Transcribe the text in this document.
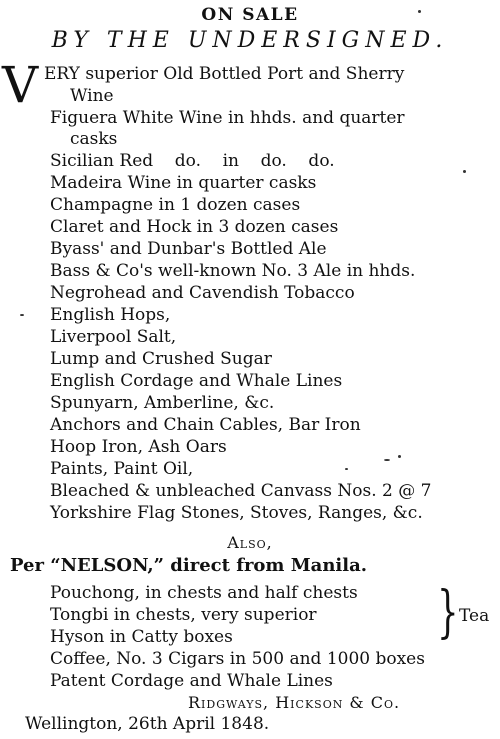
ON SALE
BY THE UNDERSIGNED.
V ERY superior Old Bottled Port and Sherry
Wine
Figuera White Wine in hhds. and quarter
casks
Sicilian Red    do.    in    do.    do.
Madeira Wine in quarter casks
Champagne in 1 dozen cases
Claret and Hock in 3 dozen cases
Byass' and Dunbar's Bottled Ale
Bass & Co's well-known No. 3 Ale in hhds.
Negrohead and Cavendish Tobacco
English Hops,
Liverpool Salt,
Lump and Crushed Sugar
English Cordage and Whale Lines
Spunyarn, Amberline, &c.
Anchors and Chain Cables, Bar Iron
Hoop Iron, Ash Oars
Paints, Paint Oil,
Bleached & unbleached Canvass Nos. 2 @ 7
Yorkshire Flag Stones, Stoves, Ranges, &c.
Also,
Per “NELSON,” direct from Manila.
Pouchong, in chests and half chests
Tongbi in chests, very superior
Hyson in Catty boxes	} Tea
Coffee, No. 3 Cigars in 500 and 1000 boxes
Patent Cordage and Whale Lines
Ridgways, Hickson & Co.
Wellington, 26th April 1848.
